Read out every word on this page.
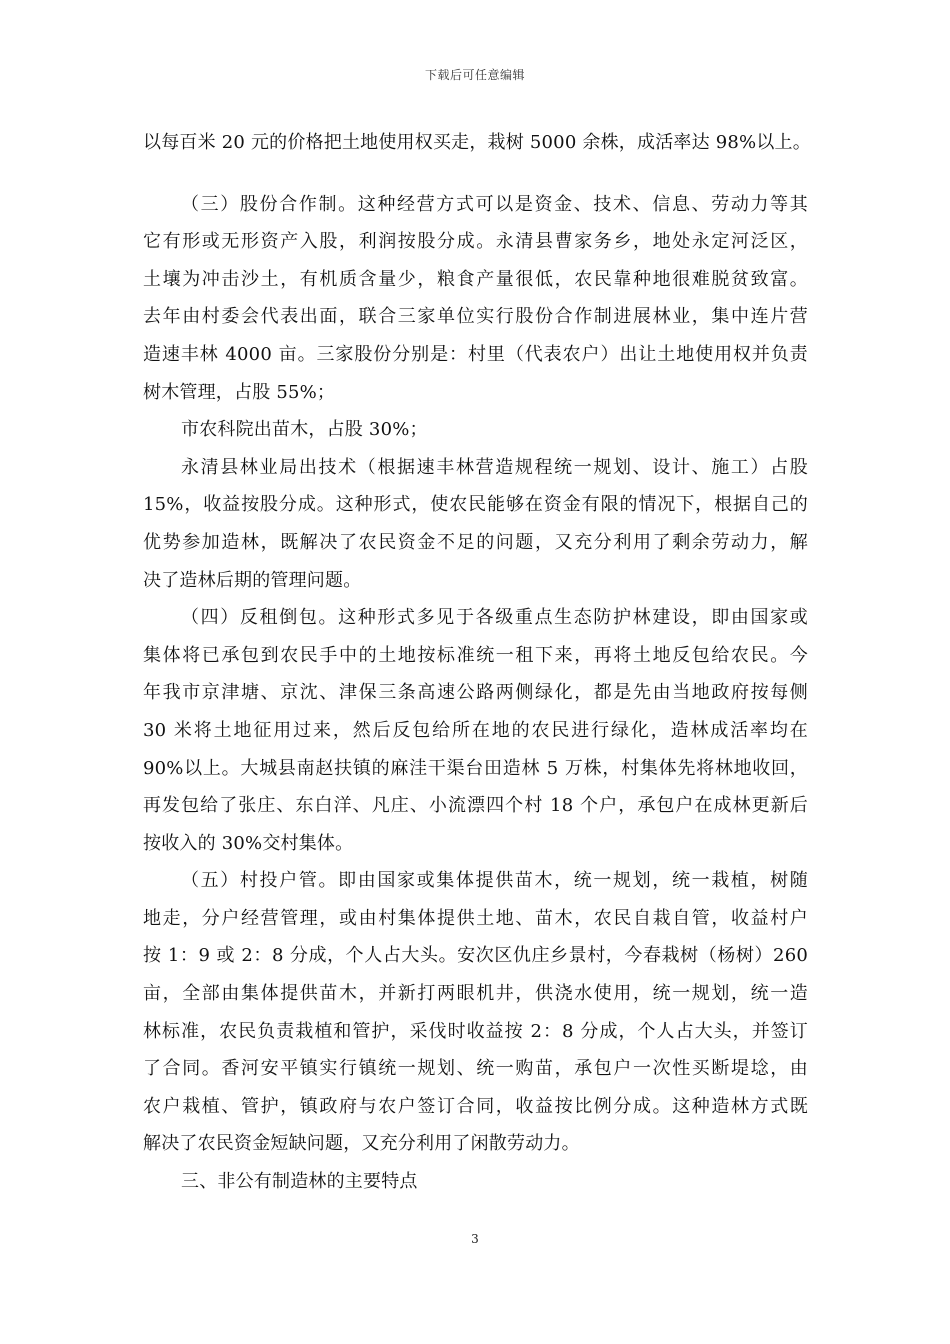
下载后可任意编辑
以每百米 20 元的价格把土地使用权买走，栽树 5000 余株，成活率达 98%以上。
（三）股份合作制。这种经营方式可以是资金、技术、信息、劳动力等其
它有形或无形资产入股，利润按股分成。永清县曹家务乡，地处永定河泛区，
土壤为冲击沙土，有机质含量少，粮食产量很低，农民靠种地很难脱贫致富。
去年由村委会代表出面，联合三家单位实行股份合作制进展林业，集中连片营
造速丰林 4000 亩。三家股份分别是：村里（代表农户）出让土地使用权并负责
树木管理，占股 55%；
市农科院出苗木，占股 30%；
永清县林业局出技术（根据速丰林营造规程统一规划、设计、施工）占股
15%，收益按股分成。这种形式，使农民能够在资金有限的情况下，根据自己的
优势参加造林，既解决了农民资金不足的问题，又充分利用了剩余劳动力，解
决了造林后期的管理问题。
（四）反租倒包。这种形式多见于各级重点生态防护林建设，即由国家或
集体将已承包到农民手中的土地按标准统一租下来，再将土地反包给农民。今
年我市京津塘、京沈、津保三条高速公路两侧绿化，都是先由当地政府按每侧
30 米将土地征用过来，然后反包给所在地的农民进行绿化，造林成活率均在
90%以上。大城县南赵扶镇的麻洼干渠台田造林 5 万株，村集体先将林地收回，
再发包给了张庄、东白洋、凡庄、小流漂四个村 18 个户，承包户在成林更新后
按收入的 30%交村集体。
（五）村投户管。即由国家或集体提供苗木，统一规划，统一栽植，树随
地走，分户经营管理，或由村集体提供土地、苗木，农民自栽自管，收益村户
按 1：9 或 2：8 分成，个人占大头。安次区仇庄乡景村，今春栽树（杨树）260
亩，全部由集体提供苗木，并新打两眼机井，供浇水使用，统一规划，统一造
林标准，农民负责栽植和管护，采伐时收益按 2：8 分成，个人占大头，并签订
了合同。香河安平镇实行镇统一规划、统一购苗，承包户一次性买断堤埝，由
农户栽植、管护，镇政府与农户签订合同，收益按比例分成。这种造林方式既
解决了农民资金短缺问题，又充分利用了闲散劳动力。
三、非公有制造林的主要特点
3
